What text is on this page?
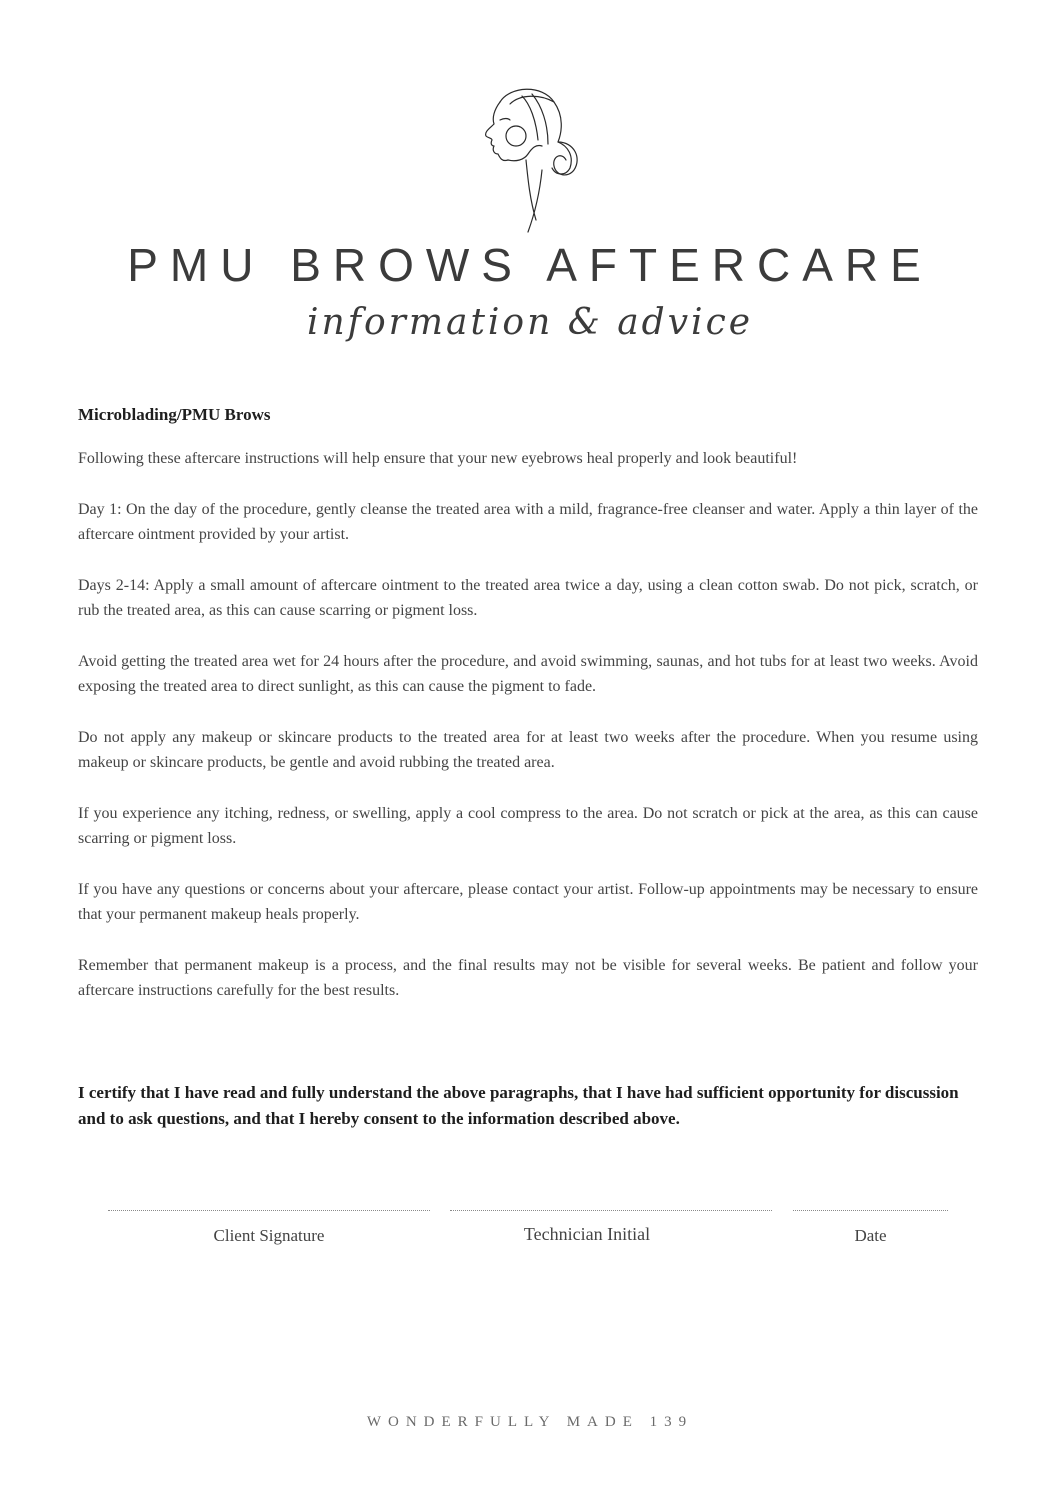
PMU BROWS AFTERCARE
information & advice
Microblading/PMU Brows

Following these aftercare instructions will help ensure that your new eyebrows heal properly and look beautiful!

Day 1: On the day of the procedure, gently cleanse the treated area with a mild, fragrance-free cleanser and water. Apply a thin layer of the aftercare ointment provided by your artist.

Days 2-14: Apply a small amount of aftercare ointment to the treated area twice a day, using a clean cotton swab. Do not pick, scratch, or rub the treated area, as this can cause scarring or pigment loss.

Avoid getting the treated area wet for 24 hours after the procedure, and avoid swimming, saunas, and hot tubs for at least two weeks. Avoid exposing the treated area to direct sunlight, as this can cause the pigment to fade.

Do not apply any makeup or skincare products to the treated area for at least two weeks after the procedure. When you resume using makeup or skincare products, be gentle and avoid rubbing the treated area.

If you experience any itching, redness, or swelling, apply a cool compress to the area. Do not scratch or pick at the area, as this can cause scarring or pigment loss.

If you have any questions or concerns about your aftercare, please contact your artist. Follow-up appointments may be necessary to ensure that your permanent makeup heals properly.

Remember that permanent makeup is a process, and the final results may not be visible for several weeks. Be patient and follow your aftercare instructions carefully for the best results.

I certify that I have read and fully understand the above paragraphs, that I have had sufficient opportunity for discussion and to ask questions, and that I hereby consent to the information described above.
Client Signature	Technician Initial	Date
WONDERFULLY MADE 139
